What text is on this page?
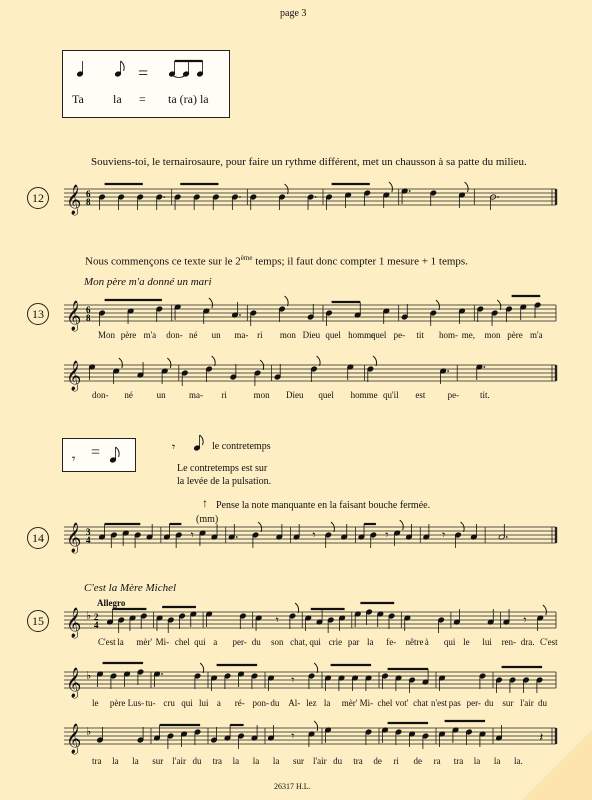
page 3
=
Ta la = ta (ra) la
Souviens-toi, le ternairosaure, pour faire un rythme différent, met un chausson à sa patte du milieu.
12
Nous commençons ce texte sur le 2ème temps; il faut donc compter 1 mesure + 1 temps.
Mon père m'a donné un mari
13
Mon père m'a don- né un ma- ri mon Dieu quel homme
quel pe- tit hom- me, mon père m'a
don- né	un	ma- ri	mon Dieu quel homme qu'il est pe- tit.
=	le contretemps
Le contretemps est sur
la levée de la pulsation.
↑ Pense la note manquante en la faisant bouche fermée.
(mm)
14
C'est la Mère Michel
Allegro
15
C'est la mèr' Mi- chel qui a per- du son chat, qui crie par la fe- nêtre à qui le lui ren- dra. C'est
le père Lus- tu- cru qui lui a ré- pon- du Al- lez la mèr' Mi- chel vot' chat n'est pas per- du sur l'air du
tra la la sur l'air du tra la la la sur l'air du tra de ri de ra tra la la la.
26317 H.L.
𝄾
𝄾
𝄞 6
8
𝄞 6
8
𝄞
𝄞 3
4	𝄾	𝄾	𝄾	𝄾
𝄞 ♭ 2
4	𝄾	𝄾
𝄞 ♭	𝄾
𝄞 ♭	𝄾	𝄽
